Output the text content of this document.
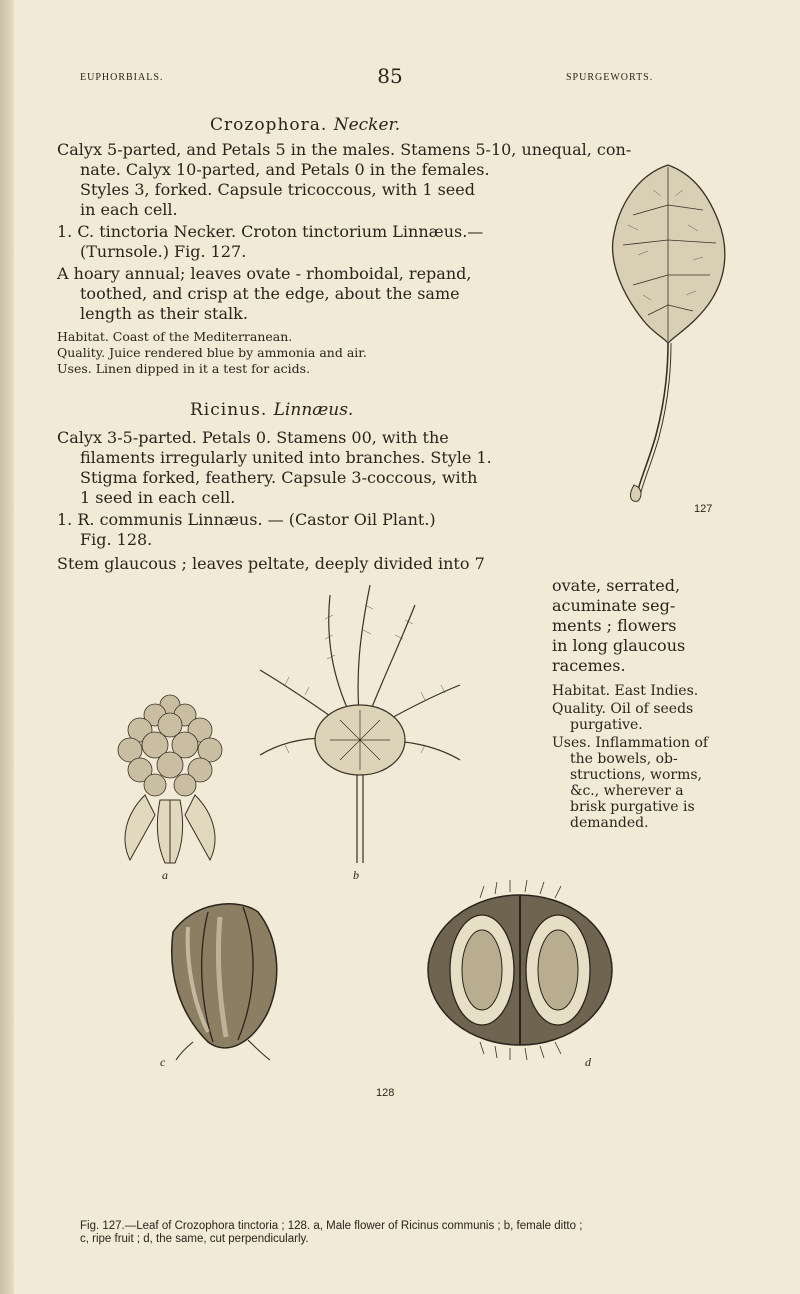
EUPHORBIALS.	85	SPURGEWORTS.
Crozophora. Necker.
Calyx 5-parted, and Petals 5 in the males. Stamens 5-10, unequal, con-
nate. Calyx 10-parted, and Petals 0 in the females.
Styles 3, forked. Capsule tricoccous, with 1 seed
in each cell.
1. C. tinctoria Necker. Croton tinctorium Linnæus.—
(Turnsole.) Fig. 127.
A hoary annual; leaves ovate - rhomboidal, repand,
toothed, and crisp at the edge, about the same
length as their stalk.
Habitat. Coast of the Mediterranean.
Quality. Juice rendered blue by ammonia and air.
Uses. Linen dipped in it a test for acids.
127
Ricinus. Linnæus.
Calyx 3-5-parted. Petals 0. Stamens 00, with the
filaments irregularly united into branches. Style 1.
Stigma forked, feathery. Capsule 3-coccous, with
1 seed in each cell.
1. R. communis Linnæus. — (Castor Oil Plant.)
Fig. 128.
Stem glaucous ; leaves peltate, deeply divided into 7
ovate, serrated,
acuminate seg-
ments ; flowers
in long glaucous
racemes.
Habitat. East Indies.
Quality. Oil of seeds
purgative.
Uses. Inflammation of
the bowels, ob-
structions, worms,
&c., wherever a
brisk purgative is
demanded.
a	b
c	d
128
Fig. 127.—Leaf of Crozophora tinctoria ; 128. a, Male flower of Ricinus communis ; b, female ditto ;
c, ripe fruit ; d, the same, cut perpendicularly.
